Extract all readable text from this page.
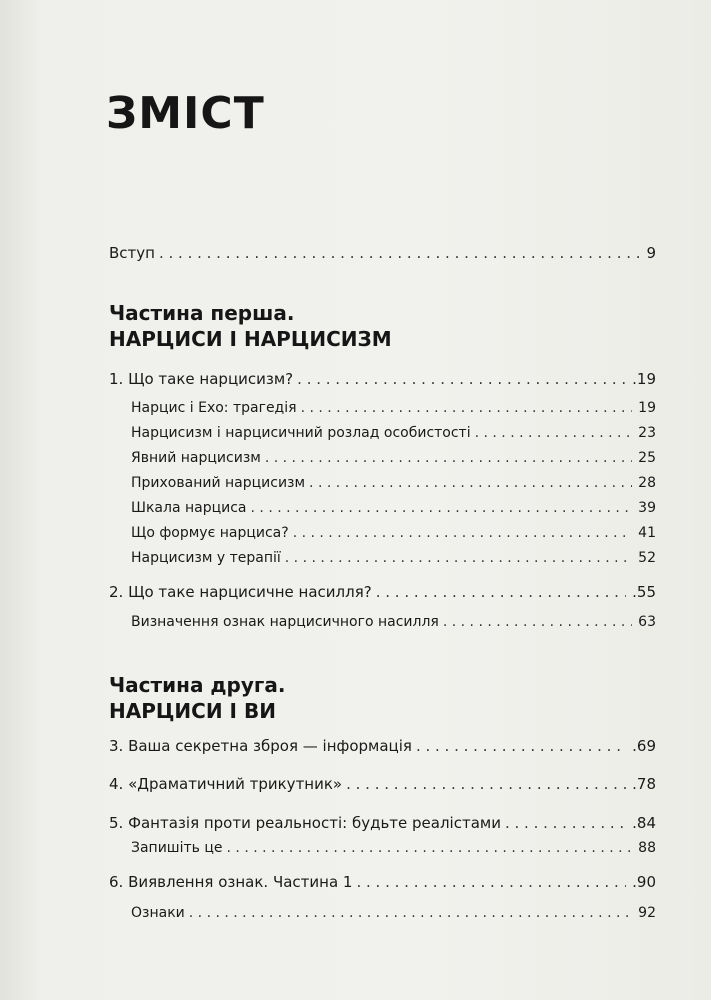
ЗМІСТ
Вступ . . .	9
Частина перша.
НАРЦИСИ І НАРЦИСИЗМ
1. Що таке нарцисизм? . . .	.19
Нарцис і Ехо: трагедія . . .	19
Нарцисизм і нарцисичний розлад особистості . . .	23
Явний нарцисизм . . .	25
Прихований нарцисизм . . .	28
Шкала нарциса . . .	39
Що формує нарциса? . . .	41
Нарцисизм у терапії . . .	52
2. Що таке нарцисичне насилля? . . .	.55
Визначення ознак нарцисичного насилля . . .	63
Частина друга.
НАРЦИСИ І ВИ
3. Ваша секретна зброя — інформація . . .	.69
4. «Драматичний трикутник» . . .	.78
5. Фантазія проти реальності: будьте реалістами . . .	.84
Запишіть це . . .	88
6. Виявлення ознак. Частина 1 . . .	.90
Ознаки . . .	92
